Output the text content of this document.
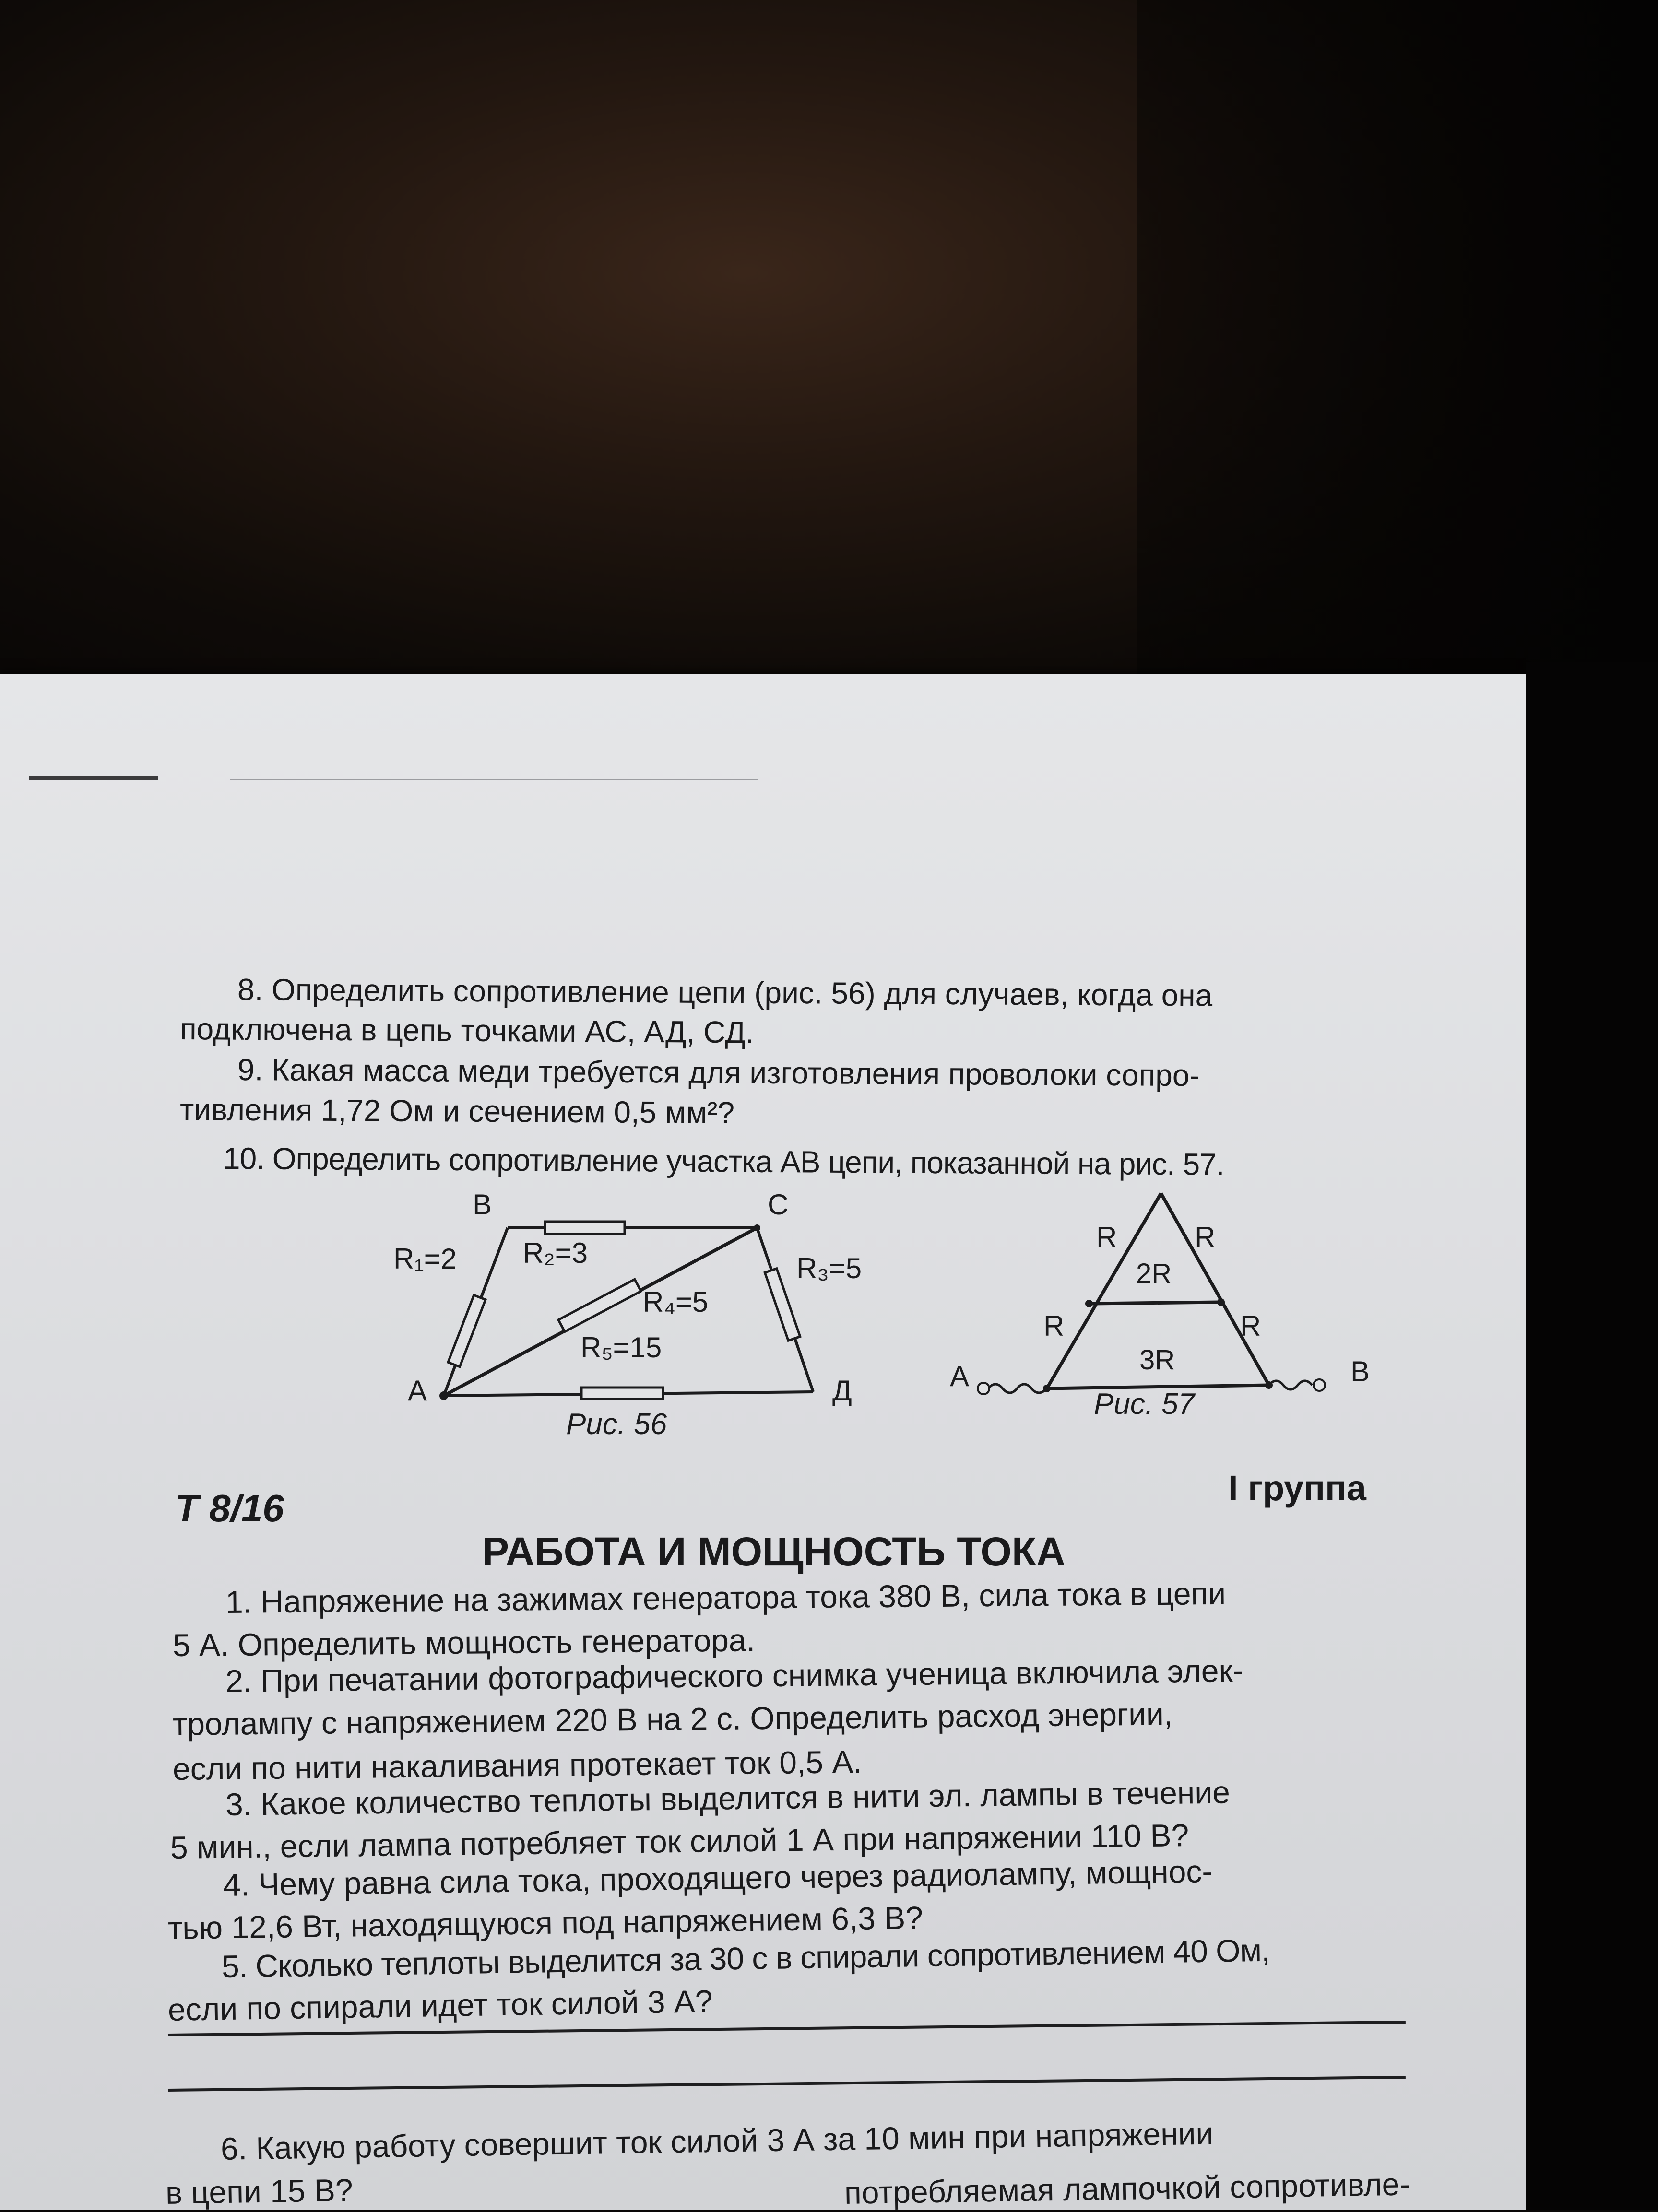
8. Определить сопротивление цепи (рис. 56) для случаев, когда она
подключена в цепь точками АС, АД, СД.
9. Какая масса меди требуется для изготовления проволоки сопро-
тивления 1,72 Ом и сечением 0,5 мм²?
10. Определить сопротивление участка АВ цепи, показанной на рис. 57.
В	С
А	Д
R₁=2 R₂=3	R₃=5
R₄=5
R₅=15
Рис. 56
А	В
R	R
2R
R	R
3R
Рис. 57
Т 8/16	I группа
РАБОТА И МОЩНОСТЬ ТОКА
1. Напряжение на зажимах генератора тока 380 В, сила тока в цепи
5 А. Определить мощность генератора.
2. При печатании фотографического снимка ученица включила элек-
тролампу с напряжением 220 В на 2 с. Определить расход энергии,
если по нити накаливания протекает ток 0,5 А.
3. Какое количество теплоты выделится в нити эл. лампы в течение
5 мин., если лампа потребляет ток силой 1 А при напряжении 110 В?
4. Чему равна сила тока, проходящего через радиолампу, мощнос-
тью 12,6 Вт, находящуюся под напряжением 6,3 В?
5. Сколько теплоты выделится за 30 с в спирали сопротивлением 40 Ом,
если по спирали идет ток силой 3 А?
6. Какую работу совершит ток силой 3 А за 10 мин при напряжении
в цепи 15 В?	потребляемая лампочкой сопротивле-
